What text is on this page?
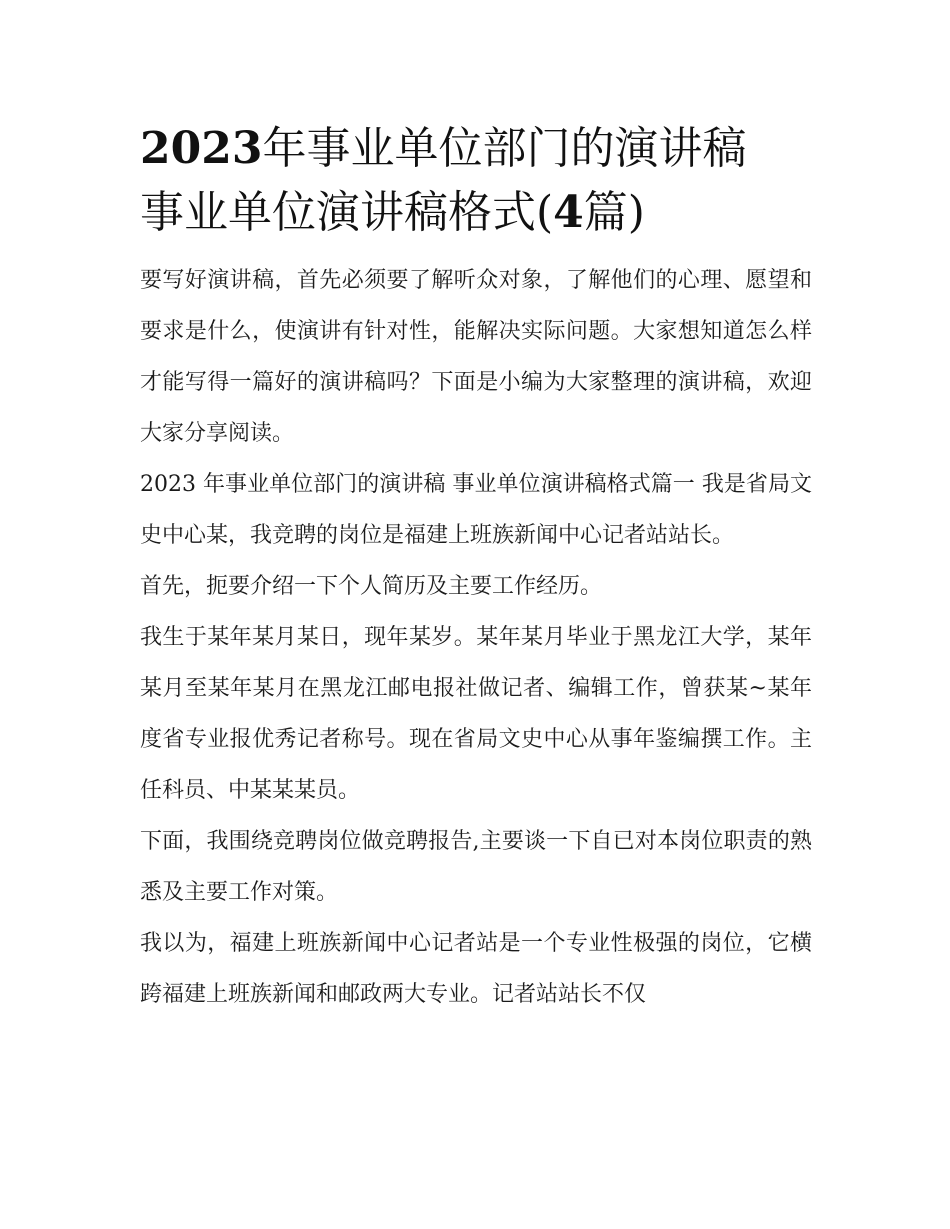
2023年事业单位部门的演讲稿
事业单位演讲稿格式(4篇)

要写好演讲稿，首先必须要了解听众对象，了解他们的心理、愿望和要求是什么，使演讲有针对性，能解决实际问题。大家想知道怎么样才能写得一篇好的演讲稿吗？下面是小编为大家整理的演讲稿，欢迎大家分享阅读。

2023 年事业单位部门的演讲稿 事业单位演讲稿格式篇一 我是省局文史中心某，我竞聘的岗位是福建上班族新闻中心记者站站长。

首先，扼要介绍一下个人简历及主要工作经历。

我生于某年某月某日，现年某岁。某年某月毕业于黑龙江大学，某年某月至某年某月在黑龙江邮电报社做记者、编辑工作，曾获某~某年度省专业报优秀记者称号。现在省局文史中心从事年鉴编撰工作。主任科员、中某某某员。

下面，我围绕竞聘岗位做竞聘报告,主要谈一下自已对本岗位职责的熟悉及主要工作对策。

我以为，福建上班族新闻中心记者站是一个专业性极强的岗位，它横跨福建上班族新闻和邮政两大专业。记者站站长不仅
